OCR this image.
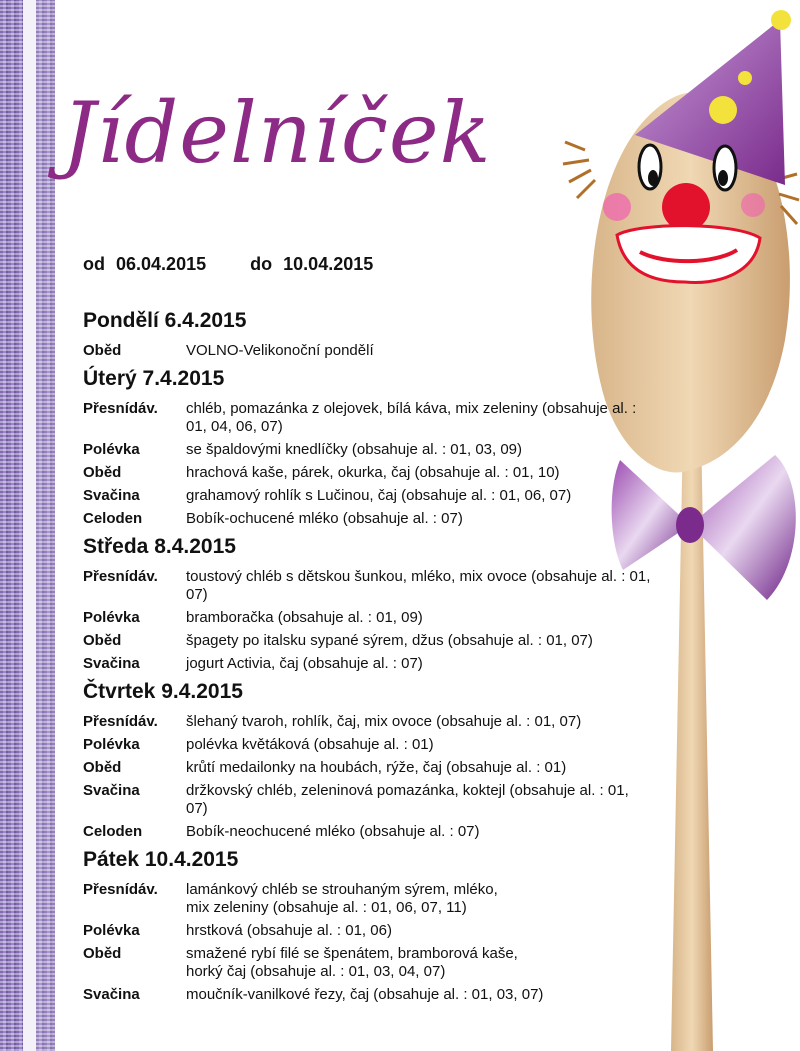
Jídelníček
od 06.04.2015 do 10.04.2015
Pondělí 6.4.2015
Oběd	VOLNO-Velikonoční pondělí
Úterý 7.4.2015
Přesnídáv.	chléb, pomazánka z olejovek, bílá káva, mix zeleniny (obsahuje al. :
01, 04, 06, 07)
Polévka	se špaldovými knedlíčky (obsahuje al. : 01, 03, 09)
Oběd	hrachová kaše, párek, okurka, čaj (obsahuje al. : 01, 10)
Svačina	grahamový rohlík s Lučinou, čaj (obsahuje al. : 01, 06, 07)
Celoden	Bobík-ochucené mléko (obsahuje al. : 07)
Středa 8.4.2015
Přesnídáv.	toustový chléb s dětskou šunkou, mléko, mix ovoce (obsahuje al. : 01,
07)
Polévka	bramboračka (obsahuje al. : 01, 09)
Oběd	špagety po italsku sypané sýrem, džus (obsahuje al. : 01, 07)
Svačina	jogurt Activia, čaj (obsahuje al. : 07)
Čtvrtek 9.4.2015
Přesnídáv.	šlehaný tvaroh, rohlík, čaj, mix ovoce (obsahuje al. : 01, 07)
Polévka	polévka květáková (obsahuje al. : 01)
Oběd	krůtí medailonky na houbách, rýže, čaj (obsahuje al. : 01)
Svačina	držkovský chléb, zeleninová pomazánka, koktejl (obsahuje al. : 01,
07)
Celoden	Bobík-neochucené mléko (obsahuje al. : 07)
Pátek 10.4.2015
Přesnídáv.	lamánkový chléb se strouhaným sýrem, mléko,
mix zeleniny (obsahuje al. : 01, 06, 07, 11)
Polévka	hrstková (obsahuje al. : 01, 06)
Oběd	smažené rybí filé se špenátem, bramborová kaše,
horký čaj (obsahuje al. : 01, 03, 04, 07)
Svačina	moučník-vanilkové řezy, čaj (obsahuje al. : 01, 03, 07)
